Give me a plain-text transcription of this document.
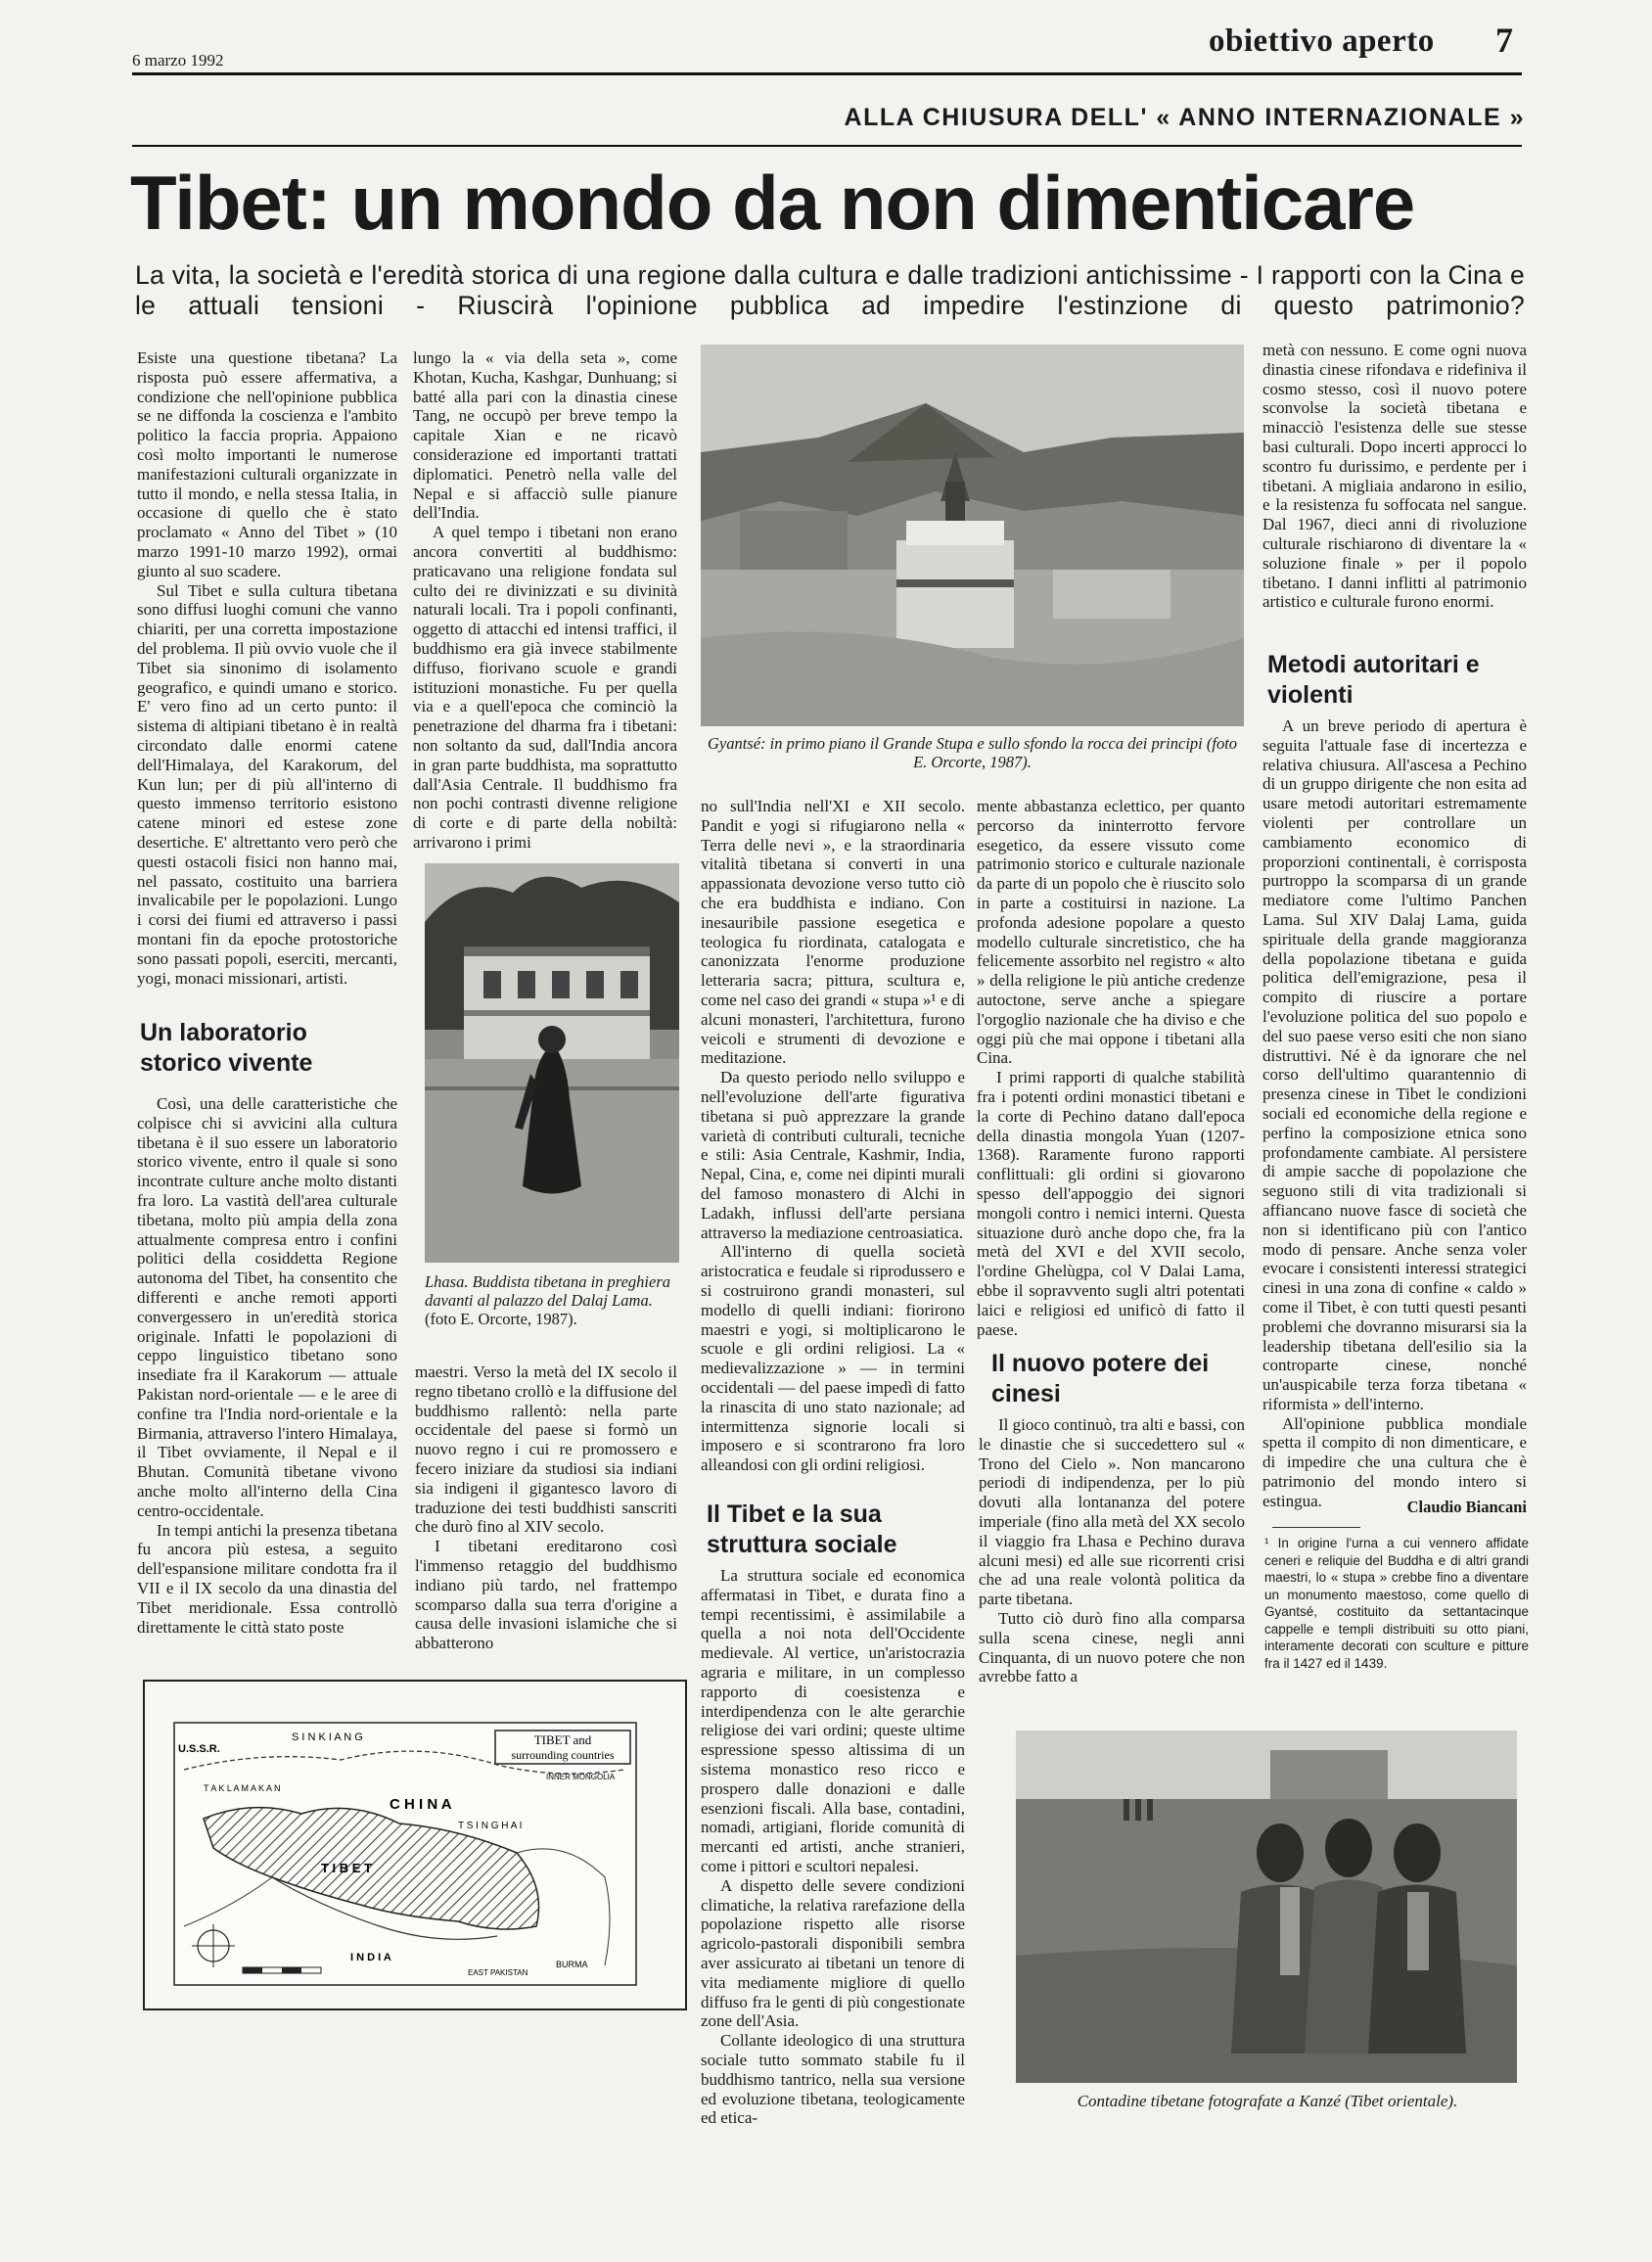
6 marzo 1992
obiettivo aperto 7
ALLA CHIUSURA DELL' « ANNO INTERNAZIONALE »
Tibet: un mondo da non dimenticare
La vita, la società e l'eredità storica di una regione dalla cultura e dalle tradizioni antichissime - I rapporti con la Cina e le attuali tensioni - Riuscirà l'opinione pubblica ad impedire l'estinzione di questo patrimonio?

Esiste una questione tibetana? La risposta può essere affermativa, a condizione che nell'opinione pubblica se ne diffonda la coscienza e l'ambito politico la faccia propria. Appaiono così molto importanti le numerose manifestazioni culturali organizzate in tutto il mondo, e nella stessa Italia, in occasione di quello che è stato proclamato « Anno del Tibet » (10 marzo 1991-10 marzo 1992), ormai giunto al suo scadere.

Sul Tibet e sulla cultura tibetana sono diffusi luoghi comuni che vanno chiariti, per una corretta impostazione del problema. Il più ovvio vuole che il Tibet sia sinonimo di isolamento geografico, e quindi umano e storico. E' vero fino ad un certo punto: il sistema di altipiani tibetano è in realtà circondato dalle enormi catene dell'Himalaya, del Karakorum, del Kun lun; per di più all'interno di questo immenso territorio esistono catene minori ed estese zone desertiche. E' altrettanto vero però che questi ostacoli fisici non hanno mai, nel passato, costituito una barriera invalicabile per le popolazioni. Lungo i corsi dei fiumi ed attraverso i passi montani fin da epoche protostoriche sono passati popoli, eserciti, mercanti, yogi, monaci missionari, artisti.

Un laboratorio storico vivente

Così, una delle caratteristiche che colpisce chi si avvicini alla cultura tibetana è il suo essere un laboratorio storico vivente, entro il quale si sono incontrate culture anche molto distanti fra loro. La vastità dell'area culturale tibetana, molto più ampia della zona attualmente compresa entro i confini politici della cosiddetta Regione autonoma del Tibet, ha consentito che differenti e anche remoti apporti convergessero in un'eredità storica originale. Infatti le popolazioni di ceppo linguistico tibetano sono insediate fra il Karakorum — attuale Pakistan nord-orientale — e le aree di confine tra l'India nord-orientale e la Birmania, attraverso l'intero Himalaya, il Tibet ovviamente, il Nepal e il Bhutan. Comunità tibetane vivono anche molto all'interno della Cina centro-occidentale.

In tempi antichi la presenza tibetana fu ancora più estesa, a seguito dell'espansione militare condotta fra il VII e il IX secolo da una dinastia del Tibet meridionale. Essa controllò direttamente le città stato poste

lungo la « via della seta », come Khotan, Kucha, Kashgar, Dunhuang; si batté alla pari con la dinastia cinese Tang, ne occupò per breve tempo la capitale Xian e ne ricavò considerazione ed importanti trattati diplomatici. Penetrò nella valle del Nepal e si affacciò sulle pianure dell'India.

A quel tempo i tibetani non erano ancora convertiti al buddhismo: praticavano una religione fondata sul culto dei re divinizzati e su divinità naturali locali. Tra i popoli confinanti, oggetto di attacchi ed intensi traffici, il buddhismo era già invece stabilmente diffuso, fiorivano scuole e grandi istituzioni monastiche. Fu per quella via e a quell'epoca che cominciò la penetrazione del dharma fra i tibetani: non soltanto da sud, dall'India ancora in gran parte buddhista, ma soprattutto dall'Asia Centrale. Il buddhismo fra non pochi contrasti divenne religione di corte e di parte della nobiltà: arrivarono i primi

Lhasa. Buddista tibetana in preghiera davanti al palazzo del Dalaj Lama. (foto E. Orcorte, 1987).

maestri. Verso la metà del IX secolo il regno tibetano crollò e la diffusione del buddhismo rallentò: nella parte occidentale del paese si formò un nuovo regno i cui re promossero e fecero iniziare da studiosi sia indiani sia indigeni il gigantesco lavoro di traduzione dei testi buddhisti sanscriti che durò fino al XIV secolo.

I tibetani ereditarono così l'immenso retaggio del buddhismo indiano più tardo, nel frattempo scomparso dalla sua terra d'origine a causa delle invasioni islamiche che si abbatterono

Gyantsé: in primo piano il Grande Stupa e sullo sfondo la rocca dei principi (foto E. Orcorte, 1987).

no sull'India nell'XI e XII secolo. Pandit e yogi si rifugiarono nella « Terra delle nevi », e la straordinaria vitalità tibetana si converti in una appassionata devozione verso tutto ciò che era buddhista e indiano. Con inesauribile passione esegetica e teologica fu riordinata, catalogata e canonizzata l'enorme produzione letteraria sacra; pittura, scultura e, come nel caso dei grandi « stupa »¹ e di alcuni monasteri, l'architettura, furono veicoli e strumenti di devozione e meditazione.

Da questo periodo nello sviluppo e nell'evoluzione dell'arte figurativa tibetana si può apprezzare la grande varietà di contributi culturali, tecniche e stili: Asia Centrale, Kashmir, India, Nepal, Cina, e, come nei dipinti murali del famoso monastero di Alchi in Ladakh, influssi dell'arte persiana attraverso la mediazione centroasiatica.

All'interno di quella società aristocratica e feudale si riprodussero e si costruirono grandi monasteri, sul modello di quelli indiani: fiorirono maestri e yogi, si moltiplicarono le scuole e gli ordini religiosi. La « medievalizzazione » — in termini occidentali — del paese impedì di fatto la rinascita di uno stato nazionale; ad intermittenza signorie locali si imposero e si scontrarono fra loro alleandosi con gli ordini religiosi.

Il Tibet e la sua struttura sociale

La struttura sociale ed economica affermatasi in Tibet, e durata fino a tempi recentissimi, è assimilabile a quella a noi nota dell'Occidente medievale. Al vertice, un'aristocrazia agraria e militare, in un complesso rapporto di coesistenza e interdipendenza con le alte gerarchie religiose dei vari ordini; queste ultime espressione spesso altissima di un sistema monastico reso ricco e prospero dalle donazioni e dalle esenzioni fiscali. Alla base, contadini, nomadi, artigiani, floride comunità di mercanti ed artisti, anche stranieri, come i pittori e scultori nepalesi.

A dispetto delle severe condizioni climatiche, la relativa rarefazione della popolazione rispetto alle risorse agricolo-pastorali disponibili sembra aver assicurato ai tibetani un tenore di vita mediamente migliore di quello diffuso fra le genti di più congestionate zone dell'Asia.

Collante ideologico di una struttura sociale tutto sommato stabile fu il buddhismo tantrico, nella sua versione ed evoluzione tibetana, teologicamente ed etica-

mente abbastanza eclettico, per quanto percorso da ininterrotto fervore esegetico, da essere vissuto come patrimonio storico e culturale nazionale da parte di un popolo che è riuscito solo in parte a costituirsi in nazione. La profonda adesione popolare a questo modello culturale sincretistico, che ha felicemente assorbito nel registro « alto » della religione le più antiche credenze autoctone, serve anche a spiegare l'orgoglio nazionale che ha diviso e che oggi più che mai oppone i tibetani alla Cina.

I primi rapporti di qualche stabilità fra i potenti ordini monastici tibetani e la corte di Pechino datano dall'epoca della dinastia mongola Yuan (1207-1368). Raramente furono rapporti conflittuali: gli ordini si giovarono spesso dell'appoggio dei signori mongoli contro i nemici interni. Questa situazione durò anche dopo che, fra la metà del XVI e del XVII secolo, l'ordine Ghelùgpa, col V Dalai Lama, ebbe il sopravvento sugli altri potentati laici e religiosi ed unificò di fatto il paese.

Il nuovo potere dei cinesi

Il gioco continuò, tra alti e bassi, con le dinastie che si succedettero sul « Trono del Cielo ». Non mancarono periodi di indipendenza, per lo più dovuti alla lontananza del potere imperiale (fino alla metà del XX secolo il viaggio fra Lhasa e Pechino durava alcuni mesi) ed alle sue ricorrenti crisi che ad una reale volontà politica da parte tibetana.

Tutto ciò durò fino alla comparsa sulla scena cinese, negli anni Cinquanta, di un nuovo potere che non avrebbe fatto a

metà con nessuno. E come ogni nuova dinastia cinese rifondava e ridefiniva il cosmo stesso, così il nuovo potere sconvolse la società tibetana e minacciò l'esistenza delle sue stesse basi culturali. Dopo incerti approcci lo scontro fu durissimo, e perdente per i tibetani. A migliaia andarono in esilio, e la resistenza fu soffocata nel sangue. Dal 1967, dieci anni di rivoluzione culturale rischiarono di diventare la « soluzione finale » per il popolo tibetano. I danni inflitti al patrimonio artistico e culturale furono enormi.

Metodi autoritari e violenti

A un breve periodo di apertura è seguita l'attuale fase di incertezza e relativa chiusura. All'ascesa a Pechino di un gruppo dirigente che non esita ad usare metodi autoritari estremamente violenti per controllare un cambiamento economico di proporzioni continentali, è corrisposta purtroppo la scomparsa di un grande mediatore come l'ultimo Panchen Lama. Sul XIV Dalaj Lama, guida spirituale della grande maggioranza della popolazione tibetana e guida politica dell'emigrazione, pesa il compito di riuscire a portare l'evoluzione politica del suo popolo e del suo paese verso esiti che non siano distruttivi. Né è da ignorare che nel corso dell'ultimo quarantennio di presenza cinese in Tibet le condizioni sociali ed economiche della regione e perfino la composizione etnica sono profondamente cambiate. Al persistere di ampie sacche di popolazione che seguono stili di vita tradizionali si affiancano nuove fasce di società che non si identificano più con l'antico modo di pensare. Anche senza voler evocare i consistenti interessi strategici cinesi in una zona di confine « caldo » come il Tibet, è con tutti questi pesanti problemi che dovranno misurarsi sia la leadership tibetana dell'esilio sia la controparte cinese, nonché un'auspicabile terza forza tibetana « riformista » dell'interno.

All'opinione pubblica mondiale spetta il compito di non dimenticare, e di impedire che una cultura che è patrimonio del mondo intero si estingua.	Claudio Biancani
¹ In origine l'urna a cui vennero affidate ceneri e reliquie del Buddha e di altri grandi maestri, lo « stupa » crebbe fino a diventare un monumento maestoso, come quello di Gyantsé, costituito da settantacinque cappelle e templi distribuiti su otto piani, interamente decorati con sculture e pitture fra il 1427 ed il 1439.
TIBET and
surrounding countries
U.S.S.R.
S I N K I A N G
T A K L A M A K A N
C H I N A
T S I N G H A I
T I B E T
INNER MONGOLIA
EAST PAKISTAN
BURMA
I N D I A
Contadine tibetane fotografate a Kanzé (Tibet orientale).
